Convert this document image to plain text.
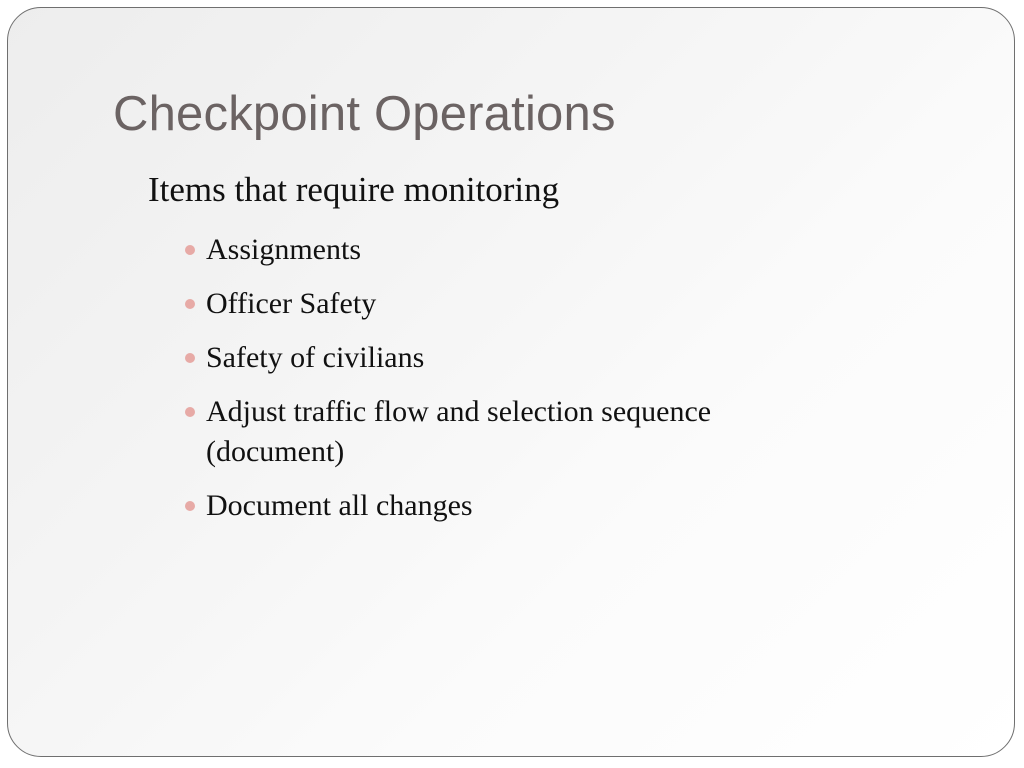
Checkpoint Operations
Items that require monitoring
Assignments
Officer Safety
Safety of civilians
Adjust traffic flow and selection sequence (document)
Document all changes
